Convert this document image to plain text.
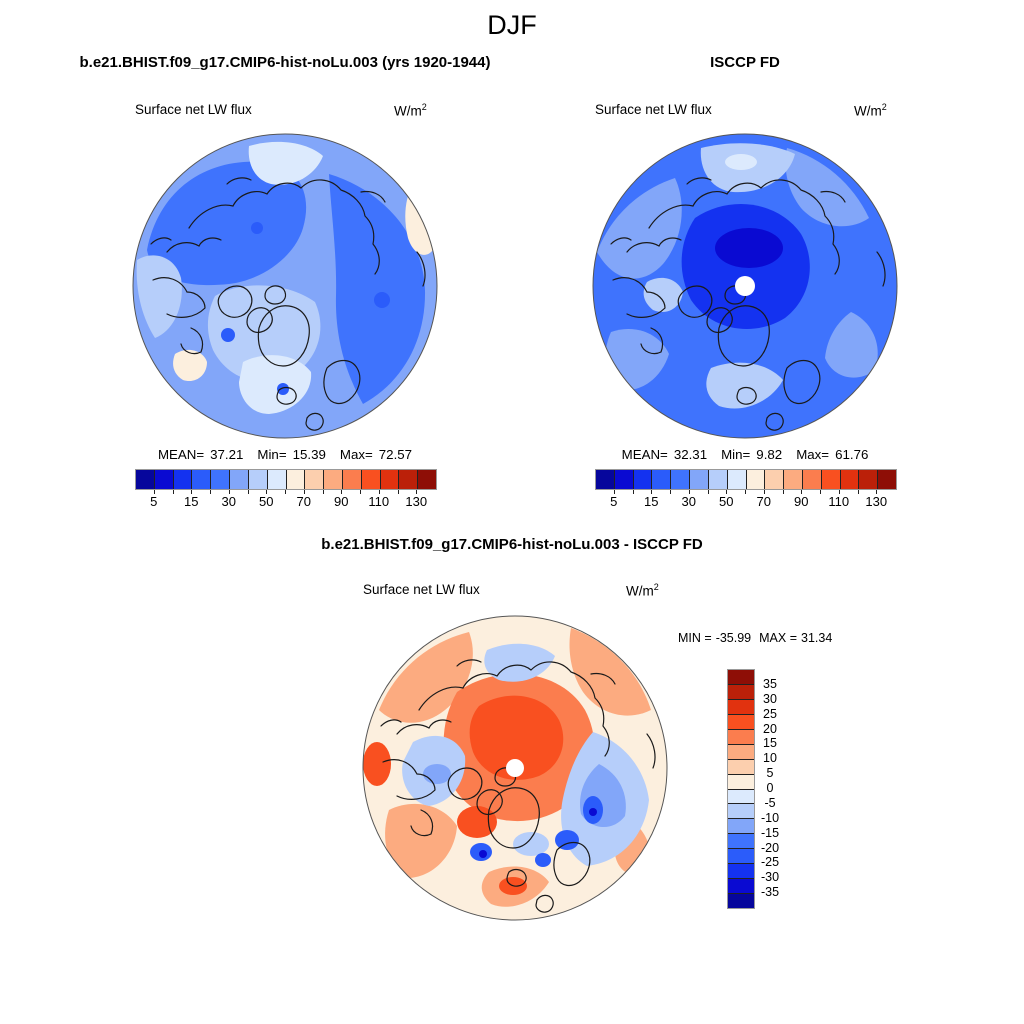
DJF
b.e21.BHIST.f09_g17.CMIP6-hist-noLu.003 (yrs 1920-1944)	ISCCP FD
Surface net LW flux	$W/m^2$	Surface net LW flux	$W/m^2$
MEAN= 37.21 Min= 15.39 Max= 72.57	MEAN= 32.31 Min= 9.82 Max= 61.76
5 15 30 50 70 90 110 130	5 15 30 50 70 90 110 130
b.e21.BHIST.f09_g17.CMIP6-hist-noLu.003 - ISCCP FD
Surface net LW flux	$W/m^2$
MIN = -35.99 MAX = 31.34
35
30
25
20
15
10
5
0
-5
-10
-15
-20
-25
-30
-35
